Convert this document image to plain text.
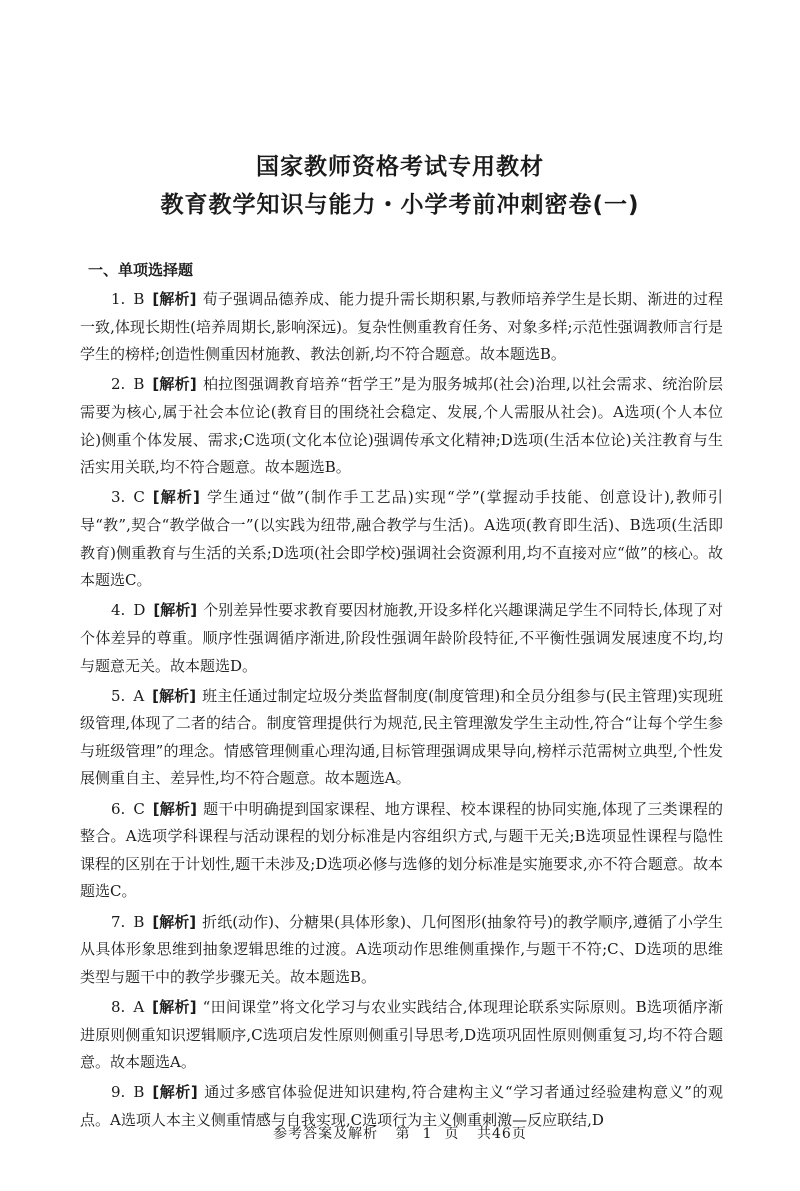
国家教师资格考试专用教材
教育教学知识与能力・小学考前冲刺密卷(一)
一、单项选择题

1. B [解析] 荀子强调品德养成、能力提升需长期积累,与教师培养学生是长期、渐进的过程一致,体现长期性(培养周期长,影响深远)。复杂性侧重教育任务、对象多样;示范性强调教师言行是学生的榜样;创造性侧重因材施教、教法创新,均不符合题意。故本题选B。

2. B [解析] 柏拉图强调教育培养“哲学王”是为服务城邦(社会)治理,以社会需求、统治阶层需要为核心,属于社会本位论(教育目的围绕社会稳定、发展,个人需服从社会)。A选项(个人本位论)侧重个体发展、需求;C选项(文化本位论)强调传承文化精神;D选项(生活本位论)关注教育与生活实用关联,均不符合题意。故本题选B。

3. C [解析] 学生通过“做”(制作手工艺品)实现“学”(掌握动手技能、创意设计),教师引导“教”,契合“教学做合一”(以实践为纽带,融合教学与生活)。A选项(教育即生活)、B选项(生活即教育)侧重教育与生活的关系;D选项(社会即学校)强调社会资源利用,均不直接对应“做”的核心。故本题选C。

4. D [解析] 个别差异性要求教育要因材施教,开设多样化兴趣课满足学生不同特长,体现了对个体差异的尊重。顺序性强调循序渐进,阶段性强调年龄阶段特征,不平衡性强调发展速度不均,均与题意无关。故本题选D。

5. A [解析] 班主任通过制定垃圾分类监督制度(制度管理)和全员分组参与(民主管理)实现班级管理,体现了二者的结合。制度管理提供行为规范,民主管理激发学生主动性,符合“让每个学生参与班级管理”的理念。情感管理侧重心理沟通,目标管理强调成果导向,榜样示范需树立典型,个性发展侧重自主、差异性,均不符合题意。故本题选A。

6. C [解析] 题干中明确提到国家课程、地方课程、校本课程的协同实施,体现了三类课程的整合。A选项学科课程与活动课程的划分标准是内容组织方式,与题干无关;B选项显性课程与隐性课程的区别在于计划性,题干未涉及;D选项必修与选修的划分标准是实施要求,亦不符合题意。故本题选C。

7. B [解析] 折纸(动作)、分糖果(具体形象)、几何图形(抽象符号)的教学顺序,遵循了小学生从具体形象思维到抽象逻辑思维的过渡。A选项动作思维侧重操作,与题干不符;C、D选项的思维类型与题干中的教学步骤无关。故本题选B。

8. A [解析] “田间课堂”将文化学习与农业实践结合,体现理论联系实际原则。B选项循序渐进原则侧重知识逻辑顺序,C选项启发性原则侧重引导思考,D选项巩固性原则侧重复习,均不符合题意。故本题选A。

9. B [解析] 通过多感官体验促进知识建构,符合建构主义“学习者通过经验建构意义”的观点。A选项人本主义侧重情感与自我实现,C选项行为主义侧重刺激—反应联结,D

参考答案及解析 第 1 页 共46页
